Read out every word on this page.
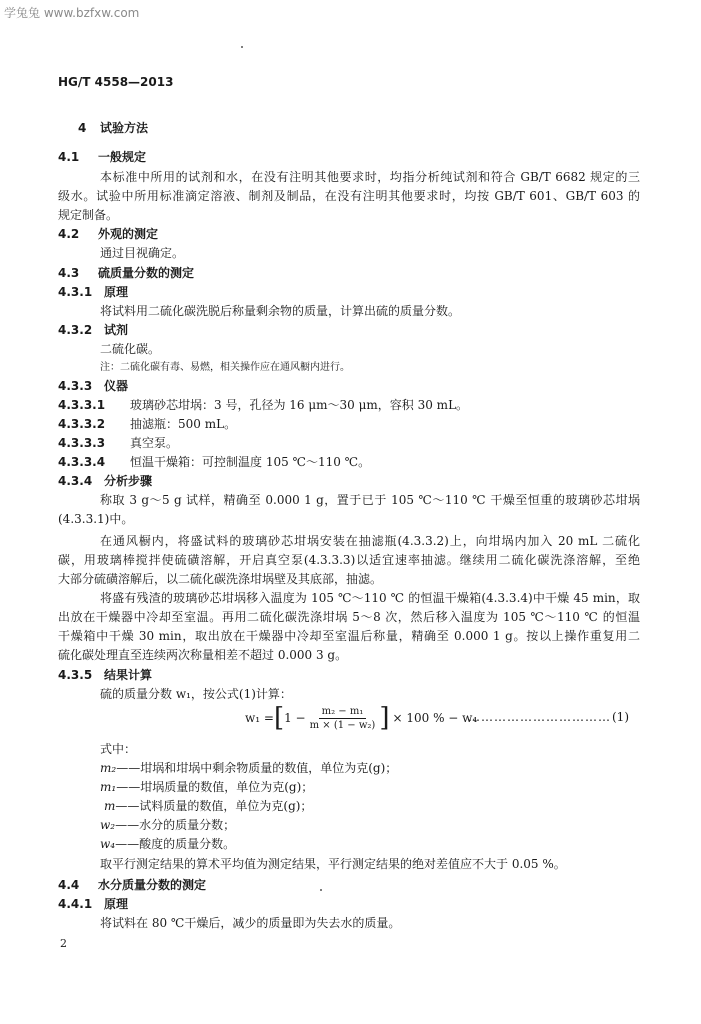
学兔兔 www.bzfxw.com
HG/T 4558—2013
4 试验方法
4.1 一般规定
本标准中所用的试剂和水，在没有注明其他要求时，均指分析纯试剂和符合 GB/T 6682 规定的三
级水。试验中所用标准滴定溶液、制剂及制品，在没有注明其他要求时，均按 GB/T 601、GB/T 603 的
规定制备。
4.2 外观的测定
通过目视确定。
4.3 硫质量分数的测定
4.3.1 原理
将试料用二硫化碳洗脱后称量剩余物的质量，计算出硫的质量分数。
4.3.2 试剂
二硫化碳。
注：二硫化碳有毒、易燃，相关操作应在通风橱内进行。
4.3.3 仪器
4.3.3.1 玻璃砂芯坩埚：3 号，孔径为 16 μm～30 μm，容积 30 mL。
4.3.3.2 抽滤瓶：500 mL。
4.3.3.3 真空泵。
4.3.3.4 恒温干燥箱：可控制温度 105 ℃～110 ℃。
4.3.4 分析步骤
称取 3 g～5 g 试样，精确至 0.000 1 g，置于已于 105 ℃～110 ℃ 干燥至恒重的玻璃砂芯坩埚
(4.3.3.1)中。
在通风橱内，将盛试料的玻璃砂芯坩埚安装在抽滤瓶(4.3.3.2)上，向坩埚内加入 20 mL 二硫化
碳，用玻璃棒搅拌使硫磺溶解，开启真空泵(4.3.3.3)以适宜速率抽滤。继续用二硫化碳洗涤溶解，至绝
大部分硫磺溶解后，以二硫化碳洗涤坩埚壁及其底部，抽滤。
将盛有残渣的玻璃砂芯坩埚移入温度为 105 ℃～110 ℃ 的恒温干燥箱(4.3.3.4)中干燥 45 min，取
出放在干燥器中冷却至室温。再用二硫化碳洗涤坩埚 5～8 次，然后移入温度为 105 ℃～110 ℃ 的恒温
干燥箱中干燥 30 min，取出放在干燥器中冷却至室温后称量，精确至 0.000 1 g。按以上操作重复用二
硫化碳处理直至连续两次称量相差不超过 0.000 3 g。
4.3.5 结果计算
硫的质量分数 w₁，按公式(1)计算：
w₁ = [ $1 - \frac{\text{m₂ − m₁}}{\text{m × (1 − w₂)}}$ ] × 100 % − w₄
…………………………… (1)
式中：
m₂——坩埚和坩埚中剩余物质量的数值，单位为克(g)；
m₁——坩埚质量的数值，单位为克(g)；
m——试料质量的数值，单位为克(g)；
w₂——水分的质量分数；
w₄——酸度的质量分数。
取平行测定结果的算术平均值为测定结果，平行测定结果的绝对差值应不大于 0.05 %。
4.4 水分质量分数的测定
4.4.1 原理
将试料在 80 ℃干燥后，减少的质量即为失去水的质量。
2
